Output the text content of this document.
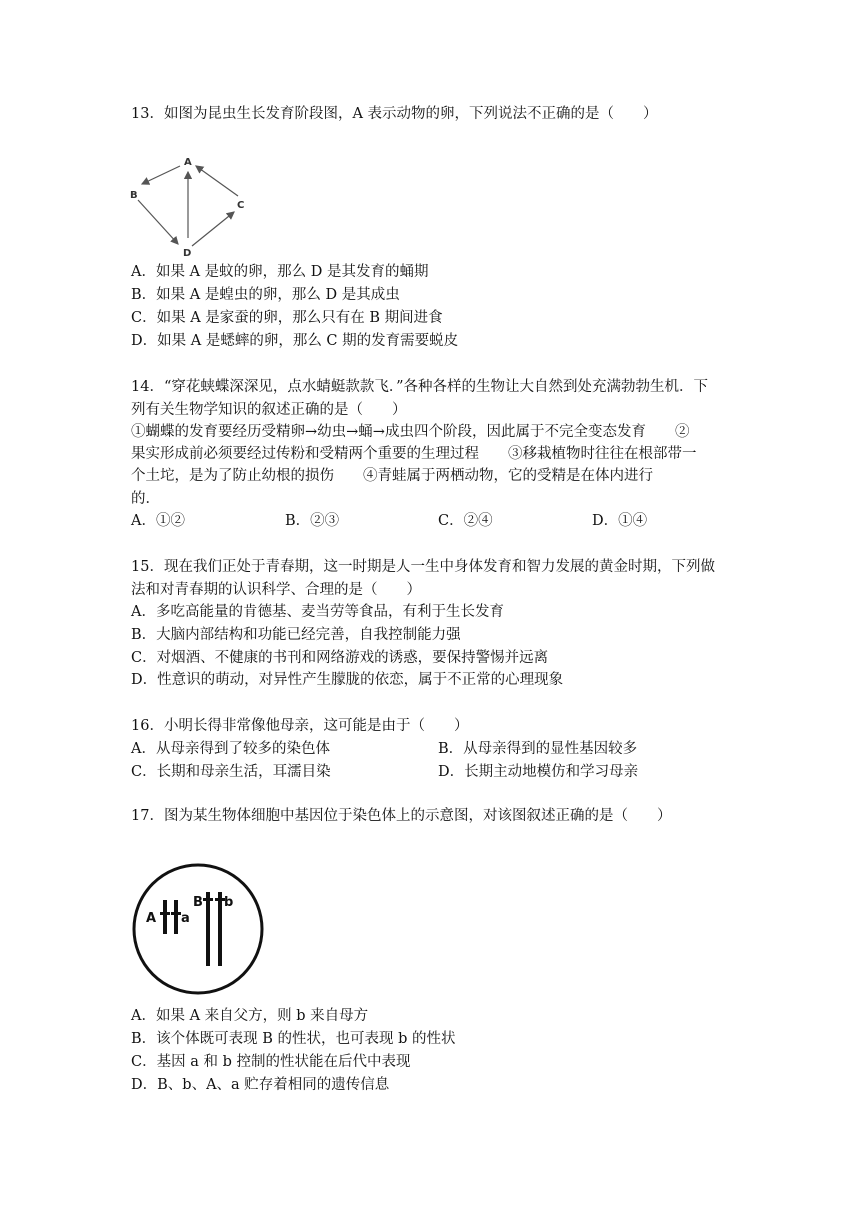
13．如图为昆虫生长发育阶段图，A 表示动物的卵，下列说法不正确的是（　　）
A
B
C
D
A．如果 A 是蚊的卵，那么 D 是其发育的蛹期
B．如果 A 是蝗虫的卵，那么 D 是其成虫
C．如果 A 是家蚕的卵，那么只有在 B 期间进食
D．如果 A 是蟋蟀的卵，那么 C 期的发育需要蜕皮
14．“穿花蛱蝶深深见，点水蜻蜓款款飞．”各种各样的生物让大自然到处充满勃勃生机．下
列有关生物学知识的叙述正确的是（　　）
①蝴蝶的发育要经历受精卵→幼虫→蛹→成虫四个阶段，因此属于不完全变态发育　　②
果实形成前必须要经过传粉和受精两个重要的生理过程　　③移栽植物时往往在根部带一
个土坨，是为了防止幼根的损伤　　④青蛙属于两栖动物，它的受精是在体内进行
的．
A．①②	B．②③	C．②④	D．①④
15．现在我们正处于青春期，这一时期是人一生中身体发育和智力发展的黄金时期，下列做
法和对青春期的认识科学、合理的是（　　）
A．多吃高能量的肯德基、麦当劳等食品，有利于生长发育
B．大脑内部结构和功能已经完善，自我控制能力强
C．对烟酒、不健康的书刊和网络游戏的诱惑，要保持警惕并远离
D．性意识的萌动，对异性产生朦胧的依恋，属于不正常的心理现象
16．小明长得非常像他母亲，这可能是由于（　　）
A．从母亲得到了较多的染色体	B．从母亲得到的显性基因较多
C．长期和母亲生活，耳濡目染	D．长期主动地模仿和学习母亲
17．图为某生物体细胞中基因位于染色体上的示意图，对该图叙述正确的是（　　）
A a
B b
A．如果 A 来自父方，则 b 来自母方
B．该个体既可表现 B 的性状，也可表现 b 的性状
C．基因 a 和 b 控制的性状能在后代中表现
D．B、b、A、a 贮存着相同的遗传信息
